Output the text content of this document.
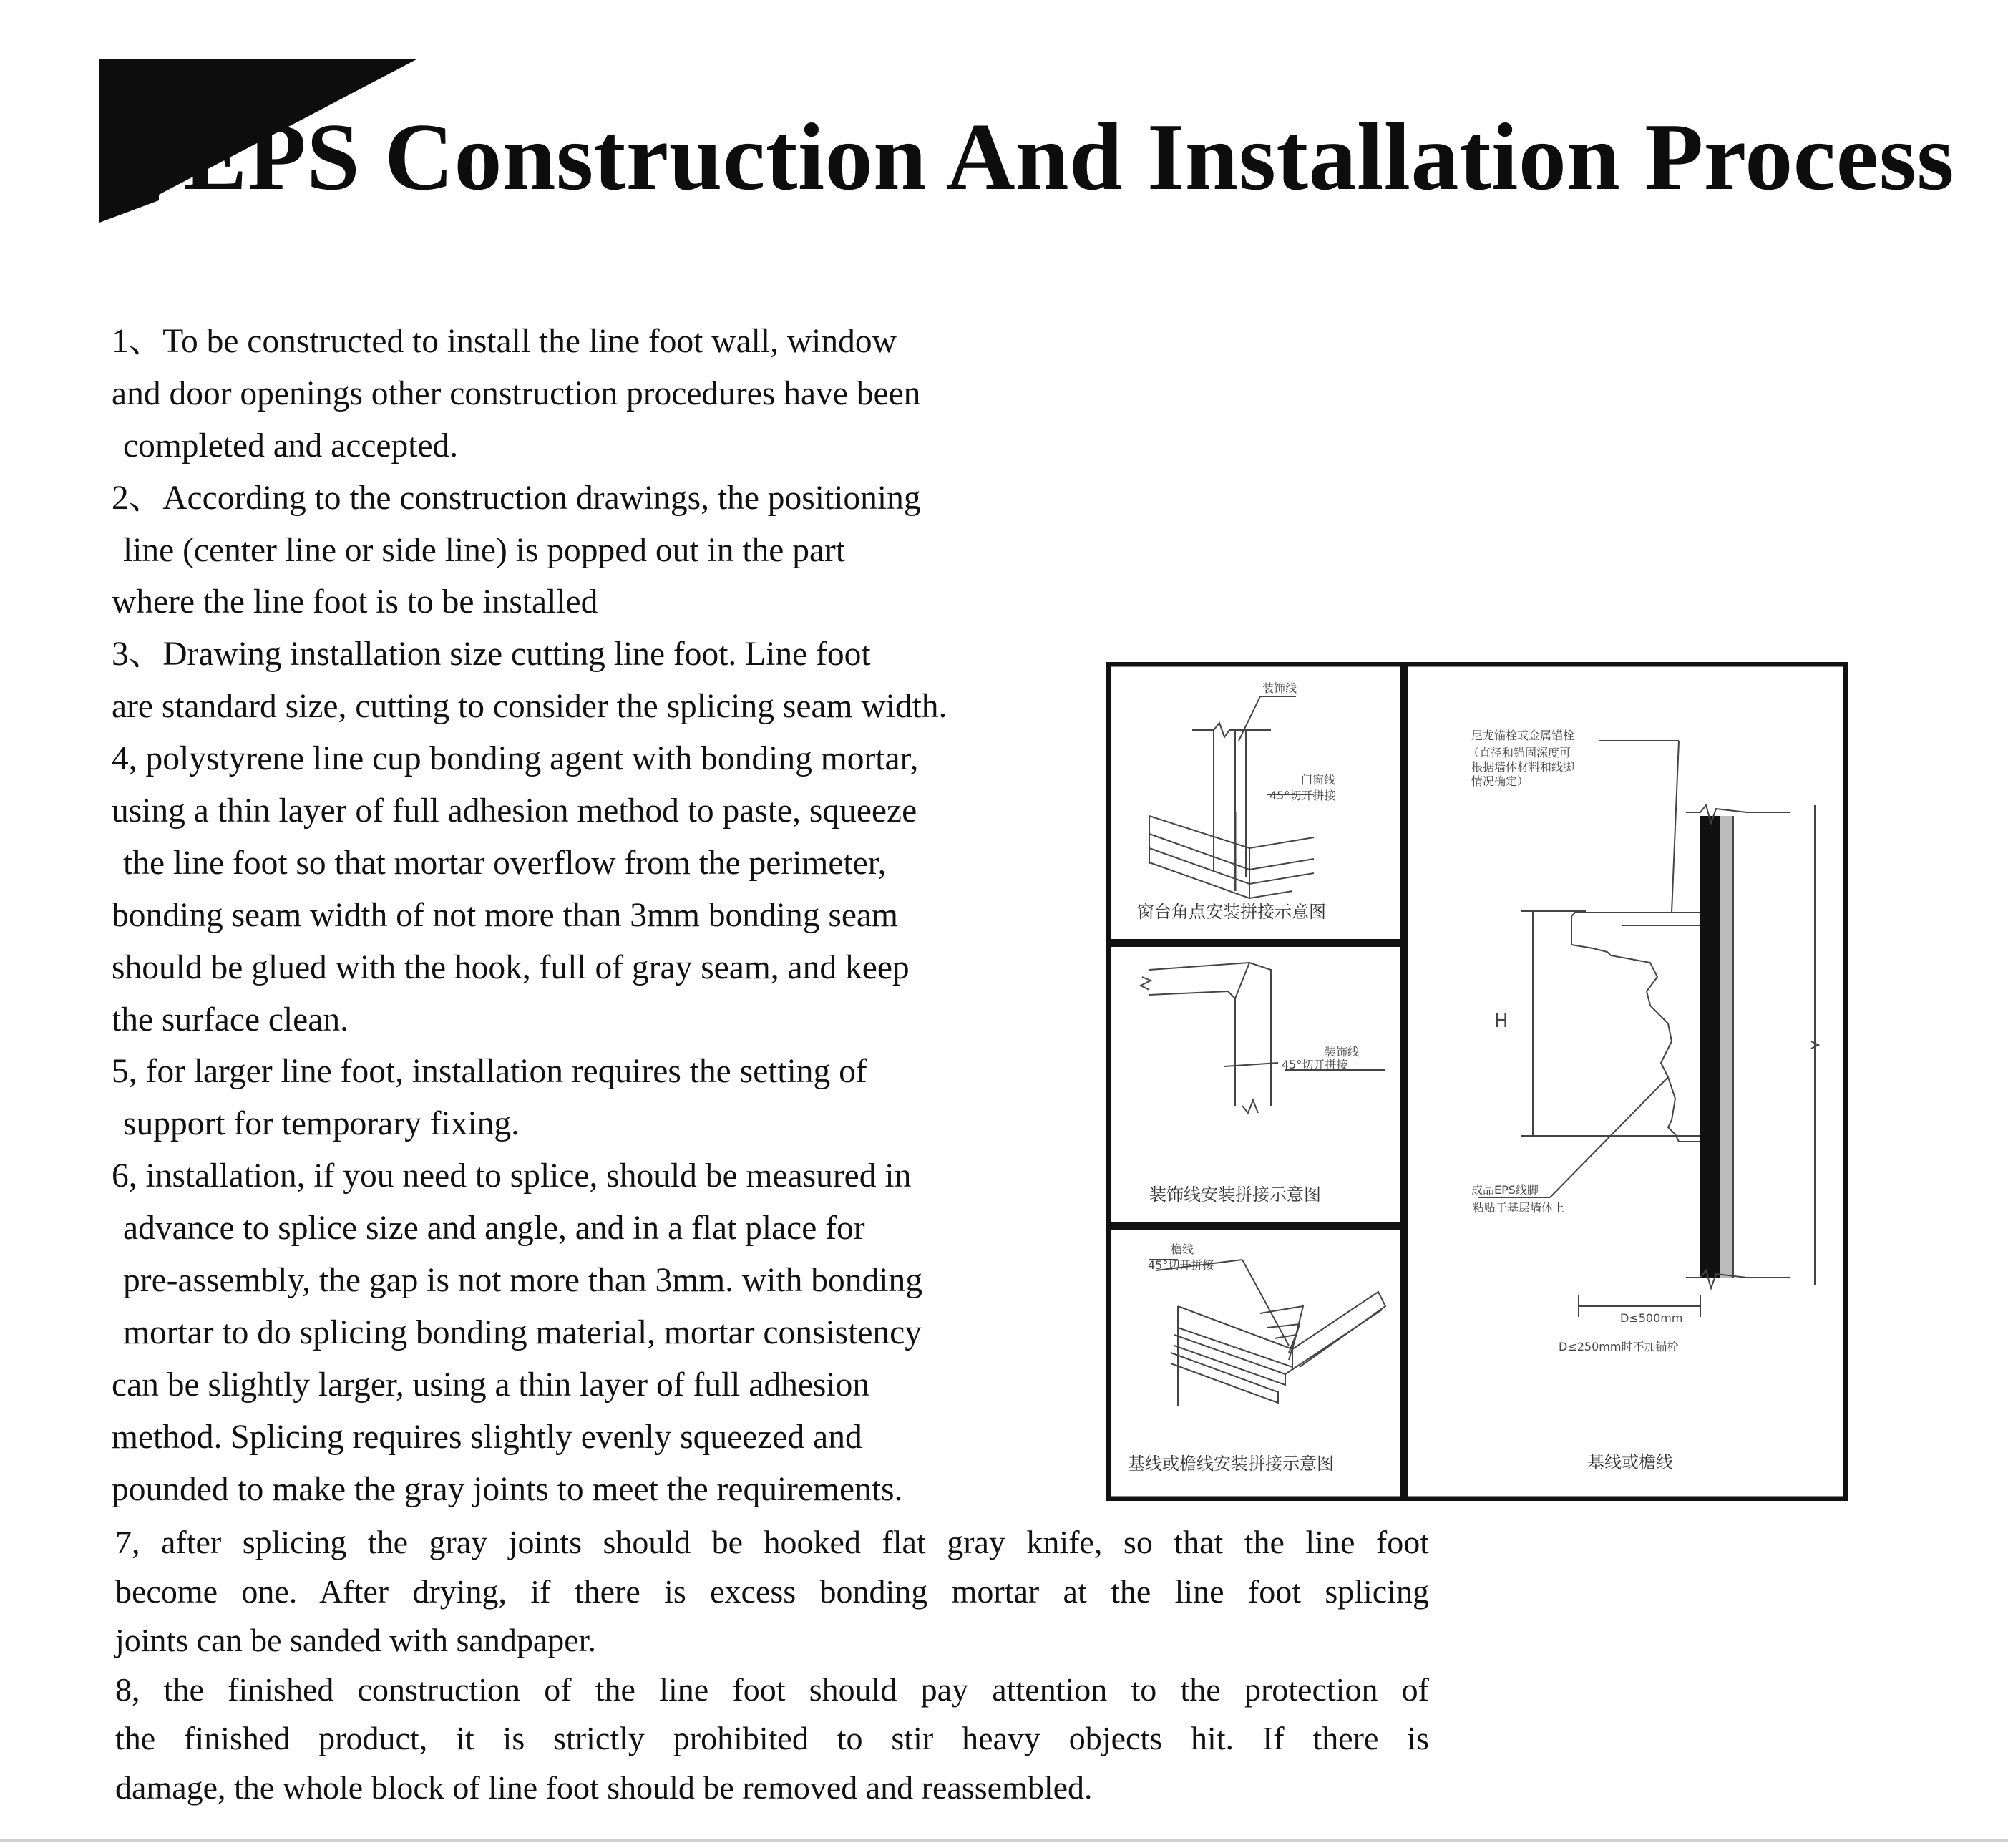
EPS Construction And Installation Process
1、To be constructed to install the line foot wall, window
and door openings other construction procedures have been
completed and accepted.
2、According to the construction drawings, the positioning
line (center line or side line) is popped out in the part
where the line foot is to be installed
3、Drawing installation size cutting line foot. Line foot
are standard size, cutting to consider the splicing seam width.
4, polystyrene line cup bonding agent with bonding mortar,
using a thin layer of full adhesion method to paste, squeeze
the line foot so that mortar overflow from the perimeter,
bonding seam width of not more than 3mm bonding seam
should be glued with the hook, full of gray seam, and keep
the surface clean.
5, for larger line foot, installation requires the setting of
support for temporary fixing.
6, installation, if you need to splice, should be measured in
advance to splice size and angle, and in a flat place for
pre-assembly, the gap is not more than 3mm. with bonding
mortar to do splicing bonding material, mortar consistency
can be slightly larger, using a thin layer of full adhesion
method. Splicing requires slightly evenly squeezed and
pounded to make the gray joints to meet the requirements.
装饰线
门窗线
45°切开拼接
窗台角点安装拼接示意图
装饰线
45°切开拼接
装饰线安装拼接示意图
檐线
45°切开拼接
基线或檐线安装拼接示意图
尼龙锚栓或金属锚栓
（直径和锚固深度可
根据墙体材料和线脚
情况确定）
H
成品EPS线脚
粘贴于基层墙体上
D≤500mm
D≤250mm时不加锚栓
基线或檐线
7, after splicing the gray joints should be hooked flat gray knife, so that the line foot
become one. After drying, if there is excess bonding mortar at the line foot splicing
joints can be sanded with sandpaper.
8, the finished construction of the line foot should pay attention to the protection of
the finished product, it is strictly prohibited to stir heavy objects hit. If there is
damage, the whole block of line foot should be removed and reassembled.
